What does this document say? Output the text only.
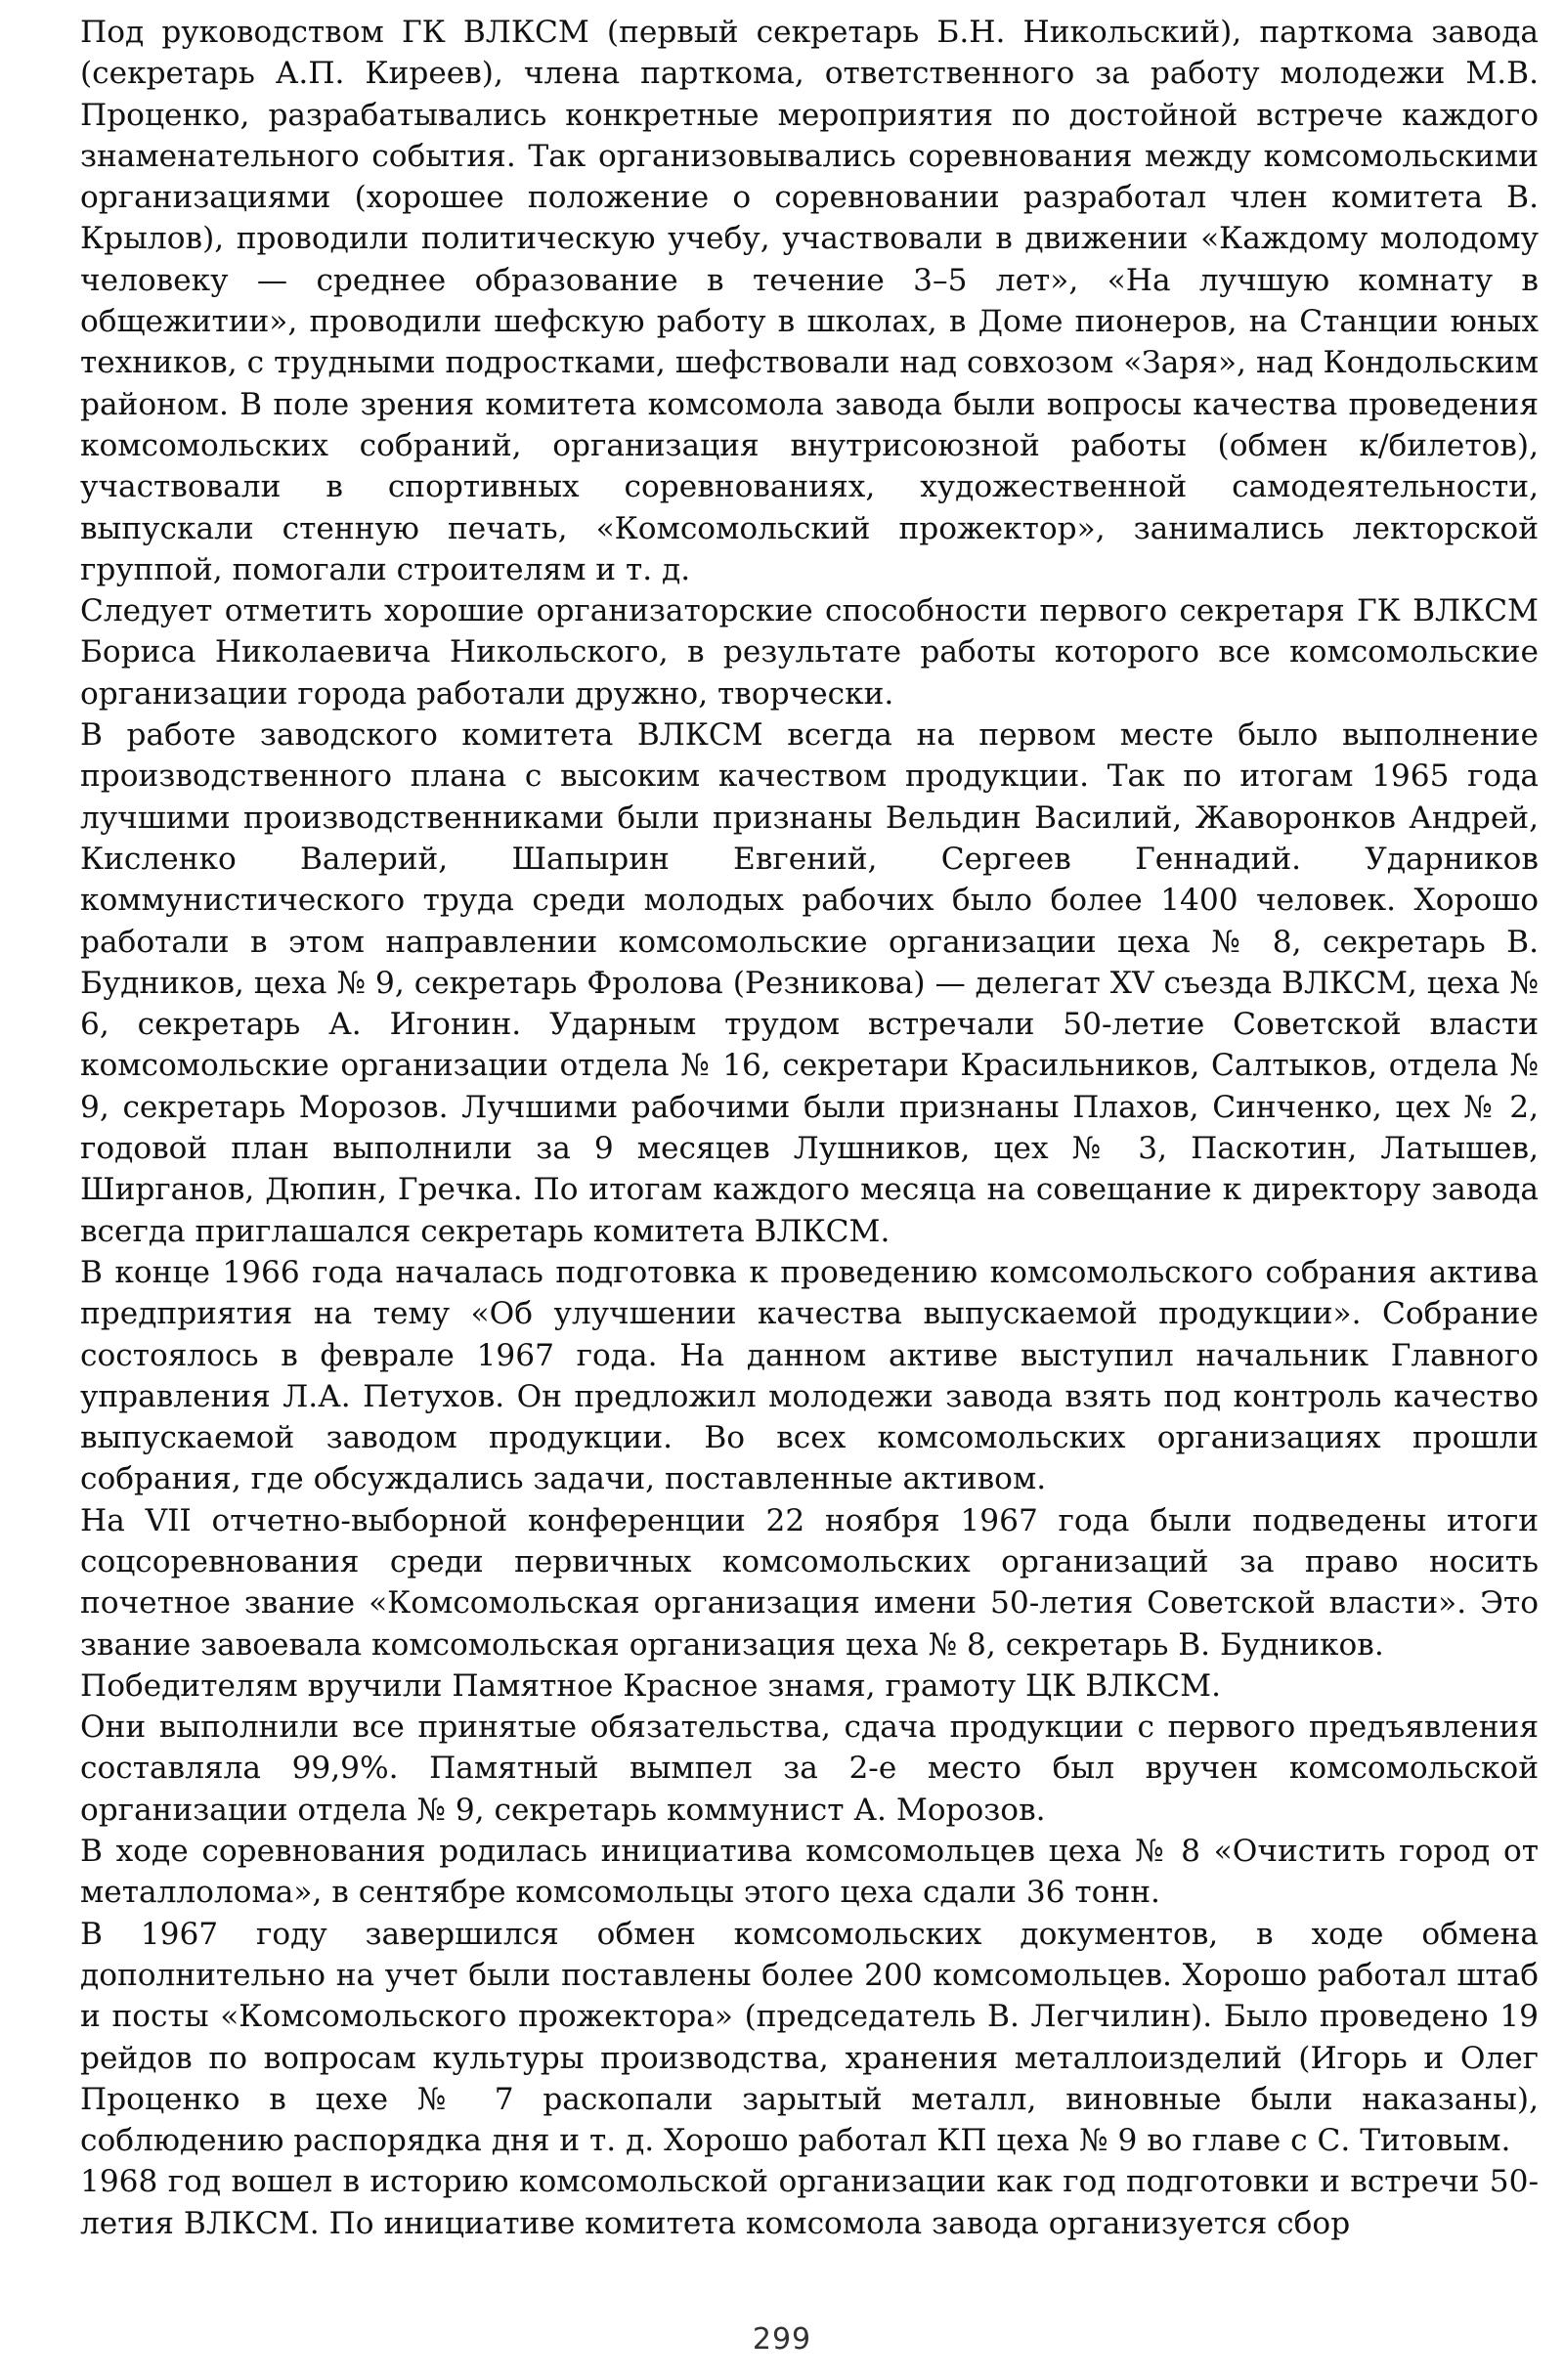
Под руководством ГК ВЛКСМ (первый секретарь Б.Н. Никольский), парткома завода (секретарь А.П. Киреев), члена парткома, ответственного за работу молодежи М.В. Проценко, разрабатывались конкретные мероприятия по достойной встрече каждого знаменательного события. Так организовывались соревнования между комсомольскими организациями (хорошее положение о соревновании разработал член комитета В. Крылов), проводили политическую учебу, участвовали в движении «Каждому молодому человеку — среднее образование в течение 3–5 лет», «На лучшую комнату в общежитии», проводили шефскую работу в школах, в Доме пионеров, на Станции юных техников, с трудными подростками, шефствовали над совхозом «Заря», над Кондольским районом. В поле зрения комитета комсомола завода были вопросы качества проведения комсомольских собраний, организация внутрисоюзной работы (обмен к/билетов), участвовали в спортивных соревнованиях, художественной самодеятельности, выпускали стенную печать, «Комсомольский прожектор», занимались лекторской группой, помогали строителям и т. д.

Следует отметить хорошие организаторские способности первого секретаря ГК ВЛКСМ Бориса Николаевича Никольского, в результате работы которого все комсомольские организации города работали дружно, творчески.

В работе заводского комитета ВЛКСМ всегда на первом месте было выполнение производственного плана с высоким качеством продукции. Так по итогам 1965 года лучшими производственниками были признаны Вельдин Василий, Жаворонков Андрей, Кисленко Валерий, Шапырин Евгений, Сергеев Геннадий. Ударников коммунистического труда среди молодых рабочих было более 1400 человек. Хорошо работали в этом направлении комсомольские организации цеха № 8, секретарь В. Будников, цеха № 9, секретарь Фролова (Резникова) — делегат XV съезда ВЛКСМ, цеха № 6, секретарь А. Игонин. Ударным трудом встречали 50-летие Советской власти комсомольские организации отдела № 16, секретари Красильников, Салтыков, отдела № 9, секретарь Морозов. Лучшими рабочими были признаны Плахов, Синченко, цех № 2, годовой план выполнили за 9 месяцев Лушников, цех № 3, Паскотин, Латышев, Ширганов, Дюпин, Гречка. По итогам каждого месяца на совещание к директору завода всегда приглашался секретарь комитета ВЛКСМ.

В конце 1966 года началась подготовка к проведению комсомольского собрания актива предприятия на тему «Об улучшении качества выпускаемой продукции». Собрание состоялось в феврале 1967 года. На данном активе выступил начальник Главного управления Л.А. Петухов. Он предложил молодежи завода взять под контроль качество выпускаемой заводом продукции. Во всех комсомольских организациях прошли собрания, где обсуждались задачи, поставленные активом.

На VII отчетно-выборной конференции 22 ноября 1967 года были подведены итоги соцсоревнования среди первичных комсомольских организаций за право носить почетное звание «Комсомольская организация имени 50-летия Советской власти». Это звание завоевала комсомольская организация цеха № 8, секретарь В. Будников.

Победителям вручили Памятное Красное знамя, грамоту ЦК ВЛКСМ.

Они выполнили все принятые обязательства, сдача продукции с первого предъявления составляла 99,9%. Памятный вымпел за 2-е место был вручен комсомольской организации отдела № 9, секретарь коммунист А. Морозов.

В ходе соревнования родилась инициатива комсомольцев цеха № 8 «Очистить город от металлолома», в сентябре комсомольцы этого цеха сдали 36 тонн.

В 1967 году завершился обмен комсомольских документов, в ходе обмена дополнительно на учет были поставлены более 200 комсомольцев. Хорошо работал штаб и посты «Комсомольского прожектора» (председатель В. Легчилин). Было проведено 19 рейдов по вопросам культуры производства, хранения металлоизделий (Игорь и Олег Проценко в цехе № 7 раскопали зарытый металл, виновные были наказаны), соблюдению распорядка дня и т. д. Хорошо работал КП цеха № 9 во главе с С. Титовым.

1968 год вошел в историю комсомольской организации как год подготовки и встречи 50-летия ВЛКСМ. По инициативе комитета комсомола завода организуется сбор

299
